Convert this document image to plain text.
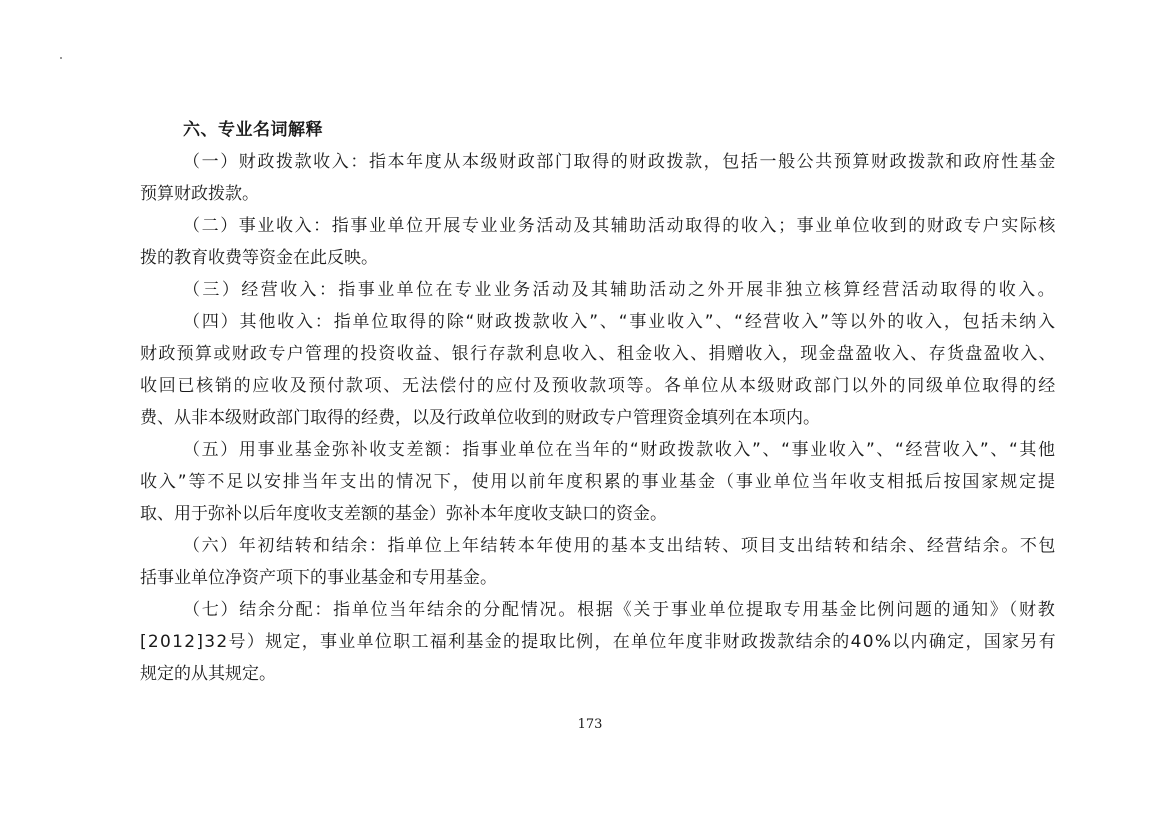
六、专业名词解释

（一）财政拨款收入：指本年度从本级财政部门取得的财政拨款，包括一般公共预算财政拨款和政府性基金

预算财政拨款。

（二）事业收入：指事业单位开展专业业务活动及其辅助活动取得的收入；事业单位收到的财政专户实际核

拨的教育收费等资金在此反映。

（三）经营收入：指事业单位在专业业务活动及其辅助活动之外开展非独立核算经营活动取得的收入。

（四）其他收入：指单位取得的除“财政拨款收入”、“事业收入”、“经营收入”等以外的收入，包括未纳入

财政预算或财政专户管理的投资收益、银行存款利息收入、租金收入、捐赠收入，现金盘盈收入、存货盘盈收入、

收回已核销的应收及预付款项、无法偿付的应付及预收款项等。各单位从本级财政部门以外的同级单位取得的经

费、从非本级财政部门取得的经费，以及行政单位收到的财政专户管理资金填列在本项内。

（五）用事业基金弥补收支差额：指事业单位在当年的“财政拨款收入”、“事业收入”、“经营收入”、“其他

收入”等不足以安排当年支出的情况下，使用以前年度积累的事业基金（事业单位当年收支相抵后按国家规定提

取、用于弥补以后年度收支差额的基金）弥补本年度收支缺口的资金。

（六）年初结转和结余：指单位上年结转本年使用的基本支出结转、项目支出结转和结余、经营结余。不包

括事业单位净资产项下的事业基金和专用基金。

（七）结余分配：指单位当年结余的分配情况。根据《关于事业单位提取专用基金比例问题的通知》（财教

[2012]32号）规定，事业单位职工福利基金的提取比例，在单位年度非财政拨款结余的40%以内确定，国家另有

规定的从其规定。

173
